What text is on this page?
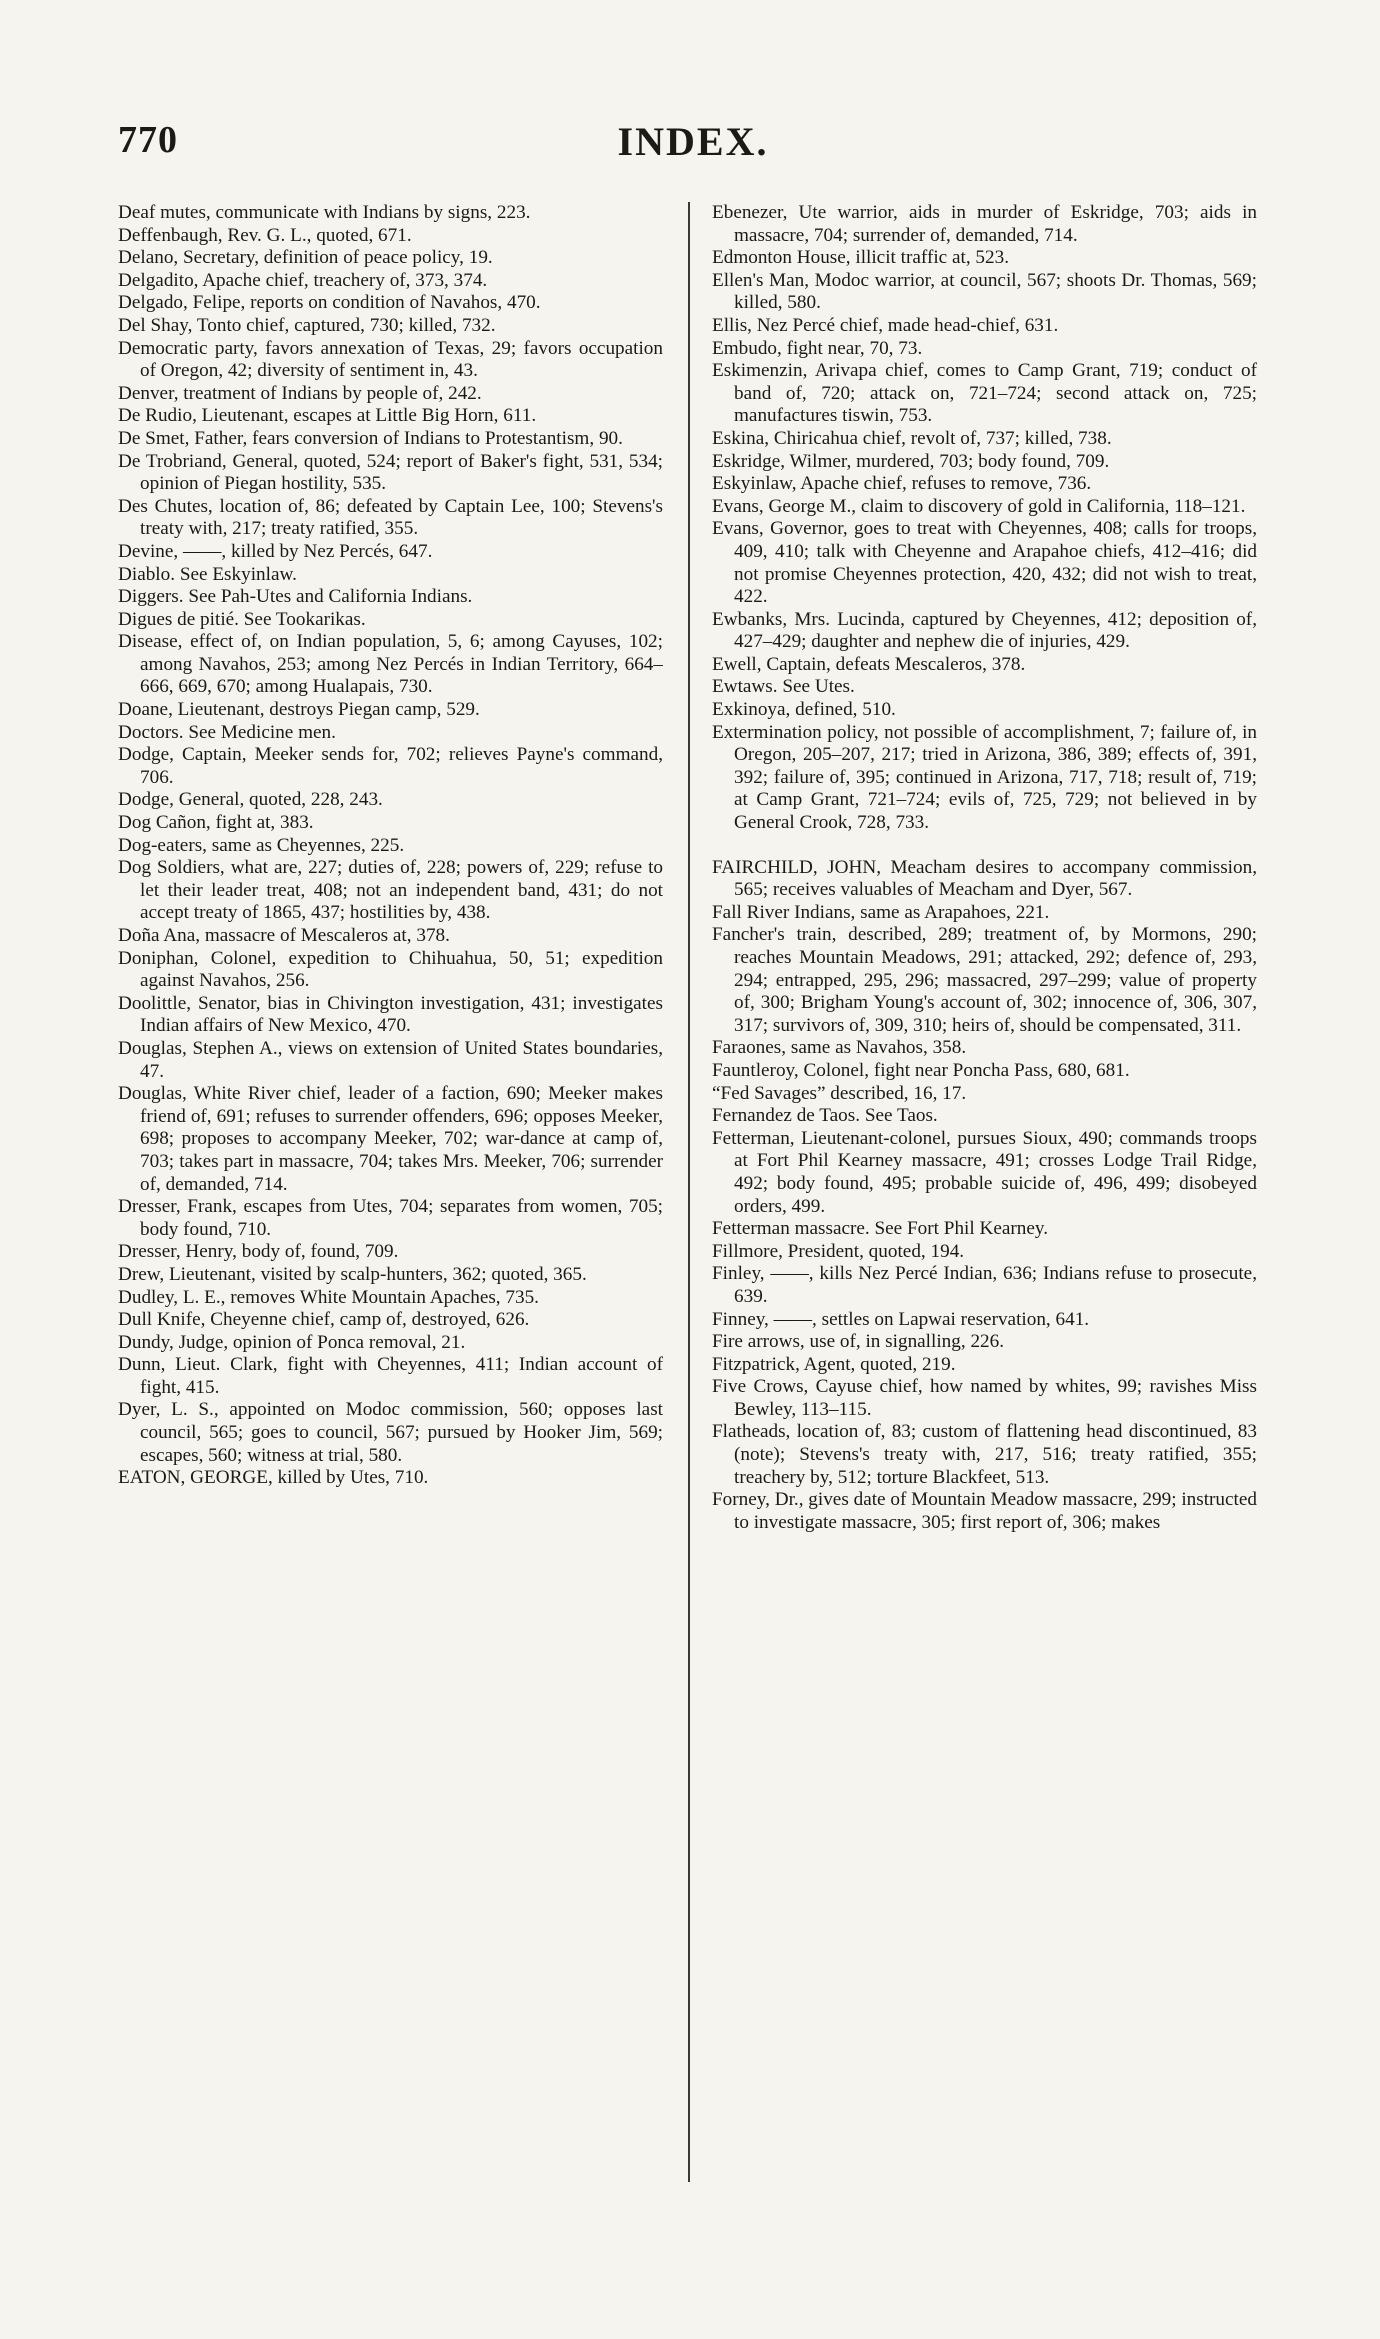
770	INDEX.

Deaf mutes, communicate with Indians by signs, 223.

Deffenbaugh, Rev. G. L., quoted, 671.

Delano, Secretary, definition of peace policy, 19.

Delgadito, Apache chief, treachery of, 373, 374.

Delgado, Felipe, reports on condition of Navahos, 470.

Del Shay, Tonto chief, captured, 730; killed, 732.

Democratic party, favors annexation of Texas, 29; favors occupation of Oregon, 42; diversity of sentiment in, 43.

Denver, treatment of Indians by people of, 242.

De Rudio, Lieutenant, escapes at Little Big Horn, 611.

De Smet, Father, fears conversion of Indians to Protestantism, 90.

De Trobriand, General, quoted, 524; report of Baker's fight, 531, 534; opinion of Piegan hostility, 535.

Des Chutes, location of, 86; defeated by Captain Lee, 100; Stevens's treaty with, 217; treaty ratified, 355.

Devine, ——, killed by Nez Percés, 647.

Diablo. See Eskyinlaw.

Diggers. See Pah-Utes and California Indians.

Digues de pitié. See Tookarikas.

Disease, effect of, on Indian population, 5, 6; among Cayuses, 102; among Navahos, 253; among Nez Percés in Indian Territory, 664–666, 669, 670; among Hualapais, 730.

Doane, Lieutenant, destroys Piegan camp, 529.

Doctors. See Medicine men.

Dodge, Captain, Meeker sends for, 702; relieves Payne's command, 706.

Dodge, General, quoted, 228, 243.

Dog Cañon, fight at, 383.

Dog-eaters, same as Cheyennes, 225.

Dog Soldiers, what are, 227; duties of, 228; powers of, 229; refuse to let their leader treat, 408; not an independent band, 431; do not accept treaty of 1865, 437; hostilities by, 438.

Doña Ana, massacre of Mescaleros at, 378.

Doniphan, Colonel, expedition to Chihuahua, 50, 51; expedition against Navahos, 256.

Doolittle, Senator, bias in Chivington investigation, 431; investigates Indian affairs of New Mexico, 470.

Douglas, Stephen A., views on extension of United States boundaries, 47.

Douglas, White River chief, leader of a faction, 690; Meeker makes friend of, 691; refuses to surrender offenders, 696; opposes Meeker, 698; proposes to accompany Meeker, 702; war-dance at camp of, 703; takes part in massacre, 704; takes Mrs. Meeker, 706; surrender of, demanded, 714.

Dresser, Frank, escapes from Utes, 704; separates from women, 705; body found, 710.

Dresser, Henry, body of, found, 709.

Drew, Lieutenant, visited by scalp-hunters, 362; quoted, 365.

Dudley, L. E., removes White Mountain Apaches, 735.

Dull Knife, Cheyenne chief, camp of, destroyed, 626.

Dundy, Judge, opinion of Ponca removal, 21.

Dunn, Lieut. Clark, fight with Cheyennes, 411; Indian account of fight, 415.

Dyer, L. S., appointed on Modoc commission, 560; opposes last council, 565; goes to council, 567; pursued by Hooker Jim, 569; escapes, 560; witness at trial, 580.

EATON, GEORGE, killed by Utes, 710.

Ebenezer, Ute warrior, aids in murder of Eskridge, 703; aids in massacre, 704; surrender of, demanded, 714.

Edmonton House, illicit traffic at, 523.

Ellen's Man, Modoc warrior, at council, 567; shoots Dr. Thomas, 569; killed, 580.

Ellis, Nez Percé chief, made head-chief, 631.

Embudo, fight near, 70, 73.

Eskimenzin, Arivapa chief, comes to Camp Grant, 719; conduct of band of, 720; attack on, 721–724; second attack on, 725; manufactures tiswin, 753.

Eskina, Chiricahua chief, revolt of, 737; killed, 738.

Eskridge, Wilmer, murdered, 703; body found, 709.

Eskyinlaw, Apache chief, refuses to remove, 736.

Evans, George M., claim to discovery of gold in California, 118–121.

Evans, Governor, goes to treat with Cheyennes, 408; calls for troops, 409, 410; talk with Cheyenne and Arapahoe chiefs, 412–416; did not promise Cheyennes protection, 420, 432; did not wish to treat, 422.

Ewbanks, Mrs. Lucinda, captured by Cheyennes, 412; deposition of, 427–429; daughter and nephew die of injuries, 429.

Ewell, Captain, defeats Mescaleros, 378.

Ewtaws. See Utes.

Exkinoya, defined, 510.

Extermination policy, not possible of accomplishment, 7; failure of, in Oregon, 205–207, 217; tried in Arizona, 386, 389; effects of, 391, 392; failure of, 395; continued in Arizona, 717, 718; result of, 719; at Camp Grant, 721–724; evils of, 725, 729; not believed in by General Crook, 728, 733.

FAIRCHILD, JOHN, Meacham desires to accompany commission, 565; receives valuables of Meacham and Dyer, 567.

Fall River Indians, same as Arapahoes, 221.

Fancher's train, described, 289; treatment of, by Mormons, 290; reaches Mountain Meadows, 291; attacked, 292; defence of, 293, 294; entrapped, 295, 296; massacred, 297–299; value of property of, 300; Brigham Young's account of, 302; innocence of, 306, 307, 317; survivors of, 309, 310; heirs of, should be compensated, 311.

Faraones, same as Navahos, 358.

Fauntleroy, Colonel, fight near Poncha Pass, 680, 681.

“Fed Savages” described, 16, 17.

Fernandez de Taos. See Taos.

Fetterman, Lieutenant-colonel, pursues Sioux, 490; commands troops at Fort Phil Kearney massacre, 491; crosses Lodge Trail Ridge, 492; body found, 495; probable suicide of, 496, 499; disobeyed orders, 499.

Fetterman massacre. See Fort Phil Kearney.

Fillmore, President, quoted, 194.

Finley, ——, kills Nez Percé Indian, 636; Indians refuse to prosecute, 639.

Finney, ——, settles on Lapwai reservation, 641.

Fire arrows, use of, in signalling, 226.

Fitzpatrick, Agent, quoted, 219.

Five Crows, Cayuse chief, how named by whites, 99; ravishes Miss Bewley, 113–115.

Flatheads, location of, 83; custom of flattening head discontinued, 83 (note); Stevens's treaty with, 217, 516; treaty ratified, 355; treachery by, 512; torture Blackfeet, 513.

Forney, Dr., gives date of Mountain Meadow massacre, 299; instructed to investigate massacre, 305; first report of, 306; makes
